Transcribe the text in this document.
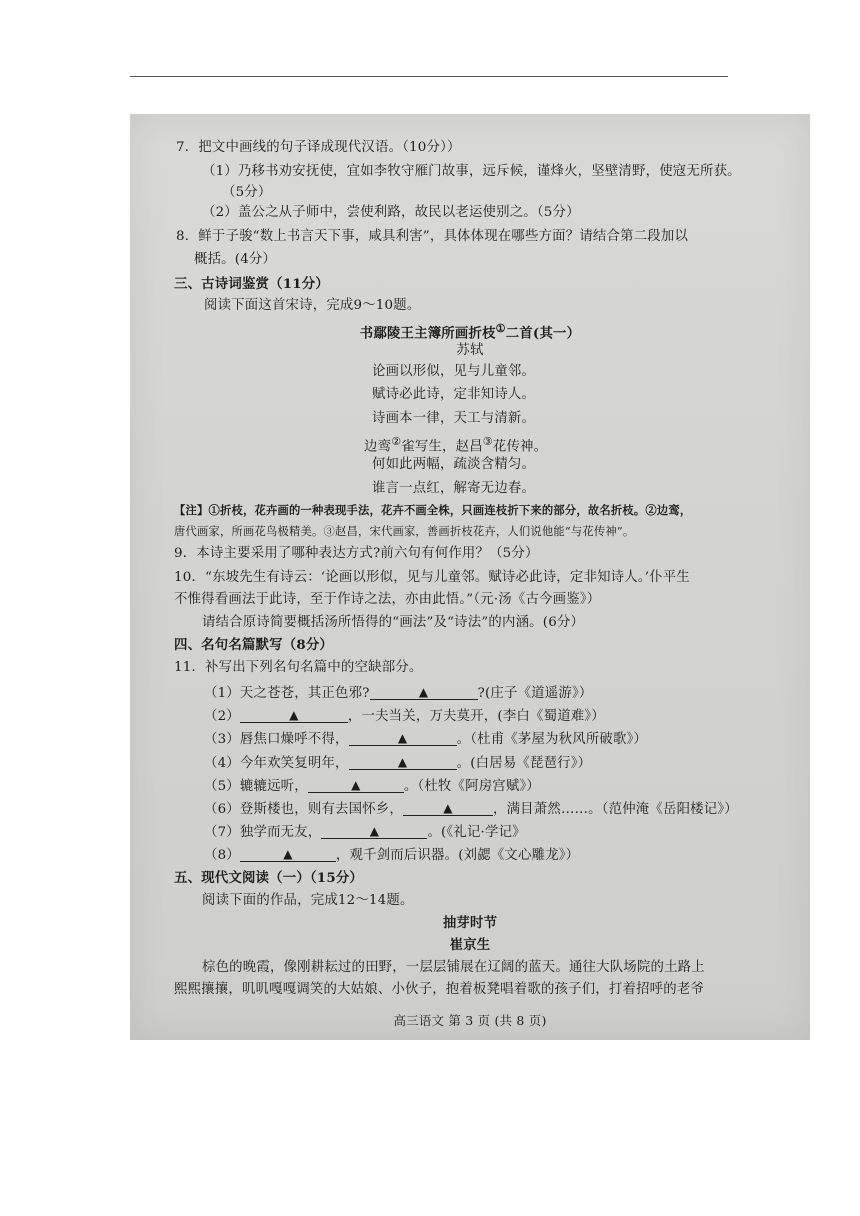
7．把文中画线的句子译成现代汉语。（10分））
（1）乃移书劝安抚使，宜如李牧守雁门故事，远斥候，谨烽火，坚壁清野，使寇无所获。
（5分）
（2）盖公之从子师中，尝使利路，故民以老运使别之。（5分）
8．鲜于子骏“数上书言天下事，咸具利害”，具体体现在哪些方面？请结合第二段加以
概括。(4分）
三、古诗词鉴赏（11分）
阅读下面这首宋诗，完成9～10题。
书鄢陵王主簿所画折枝①二首(其一）
苏轼
论画以形似，见与儿童邻。
赋诗必此诗，定非知诗人。
诗画本一律，天工与清新。
边鸾②雀写生，赵昌③花传神。
何如此两幅，疏淡含精匀。
谁言一点红，解寄无边春。
【注】①折枝，花卉画的一种表现手法，花卉不画全株，只画连枝折下来的部分，故名折枝。②边鸾，
唐代画家，所画花鸟极精美。③赵昌，宋代画家，善画折枝花卉，人们说他能“与花传神”。
9．本诗主要采用了哪种表达方式?前六句有何作用？（5分）
10．“东坡先生有诗云：‘论画以形似，见与儿童邻。赋诗必此诗，定非知诗人。’仆平生
不惟得看画法于此诗，至于作诗之法，亦由此悟。”（元·汤《古今画鉴》）
请结合原诗简要概括汤所悟得的“画法”及“诗法”的内涵。(6分）
四、名句名篇默写（8分）
11．补写出下列名句名篇中的空缺部分。
（1）天之苍苍，其正色邪?	▲	?(庄子《道遥游》）
（2）	▲	，一夫当关，万夫莫开，(李白《蜀道难》）
（3）唇焦口燥呼不得，	▲	。（杜甫《茅屋为秋风所破歌》）
（4）今年欢笑复明年，	▲	。(白居易《琵琶行》）
（5）辘辘远听，	▲	。（杜牧《阿房宫赋》）
（6）登斯楼也，则有去国怀乡，	▲	，满目萧然……。（范仲淹《岳阳楼记》）
（7）独学而无友，	▲	。(《礼记·学记》
（8）	▲	，观千剑而后识器。(刘勰《文心雕龙》）
五、现代文阅读（一）（15分）
阅读下面的作品，完成12～14题。
抽芽时节
崔京生
棕色的晚霞，像刚耕耘过的田野，一层层铺展在辽阔的蓝天。通往大队场院的土路上
熙熙攘攘，叽叽嘎嘎调笑的大姑娘、小伙子，抱着板凳唱着歌的孩子们，打着招呼的老爷
高三语文 第 3 页 (共 8 页)
